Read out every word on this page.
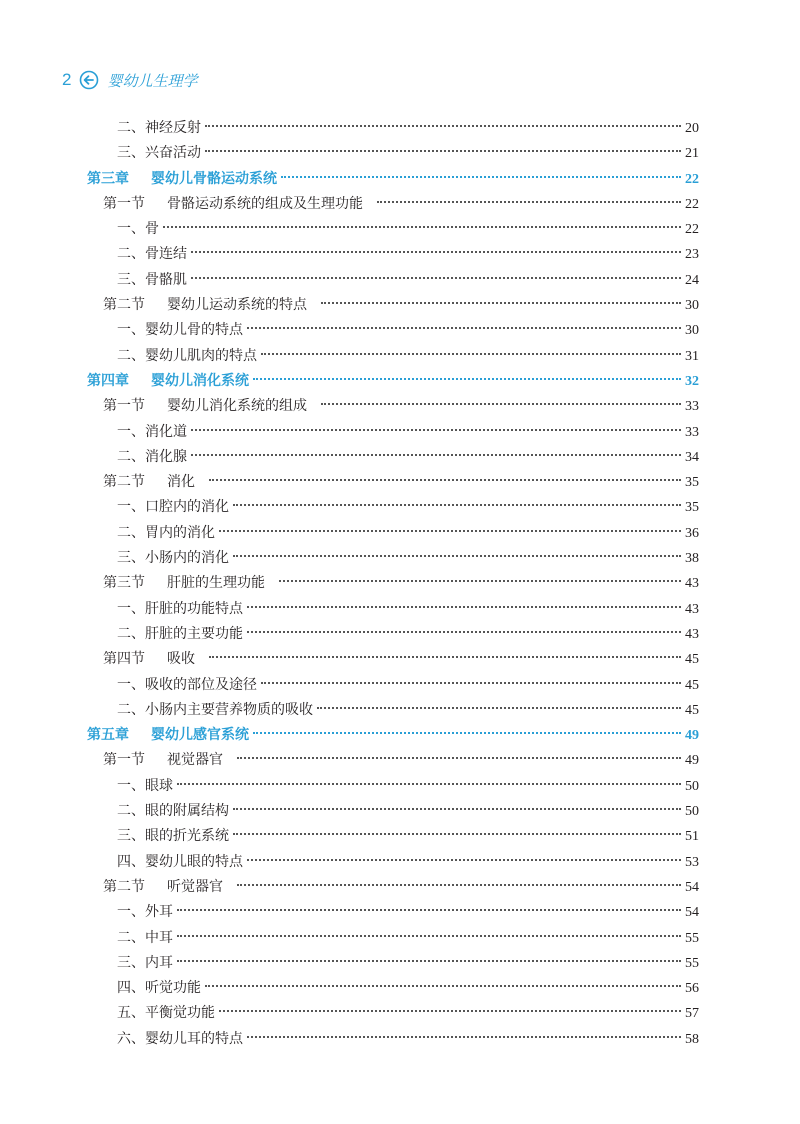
2 婴幼儿生理学
二、神经反射	20
三、兴奋活动	21
第三章 婴幼儿骨骼运动系统	22
第一节 骨骼运动系统的组成及生理功能	22
一、骨	22
二、骨连结	23
三、骨骼肌	24
第二节 婴幼儿运动系统的特点	30
一、婴幼儿骨的特点	30
二、婴幼儿肌肉的特点	31
第四章 婴幼儿消化系统	32
第一节 婴幼儿消化系统的组成	33
一、消化道	33
二、消化腺	34
第二节 消化	35
一、口腔内的消化	35
二、胃内的消化	36
三、小肠内的消化	38
第三节 肝脏的生理功能	43
一、肝脏的功能特点	43
二、肝脏的主要功能	43
第四节 吸收	45
一、吸收的部位及途径	45
二、小肠内主要营养物质的吸收	45
第五章 婴幼儿感官系统	49
第一节 视觉器官	49
一、眼球	50
二、眼的附属结构	50
三、眼的折光系统	51
四、婴幼儿眼的特点	53
第二节 听觉器官	54
一、外耳	54
二、中耳	55
三、内耳	55
四、听觉功能	56
五、平衡觉功能	57
六、婴幼儿耳的特点	58
